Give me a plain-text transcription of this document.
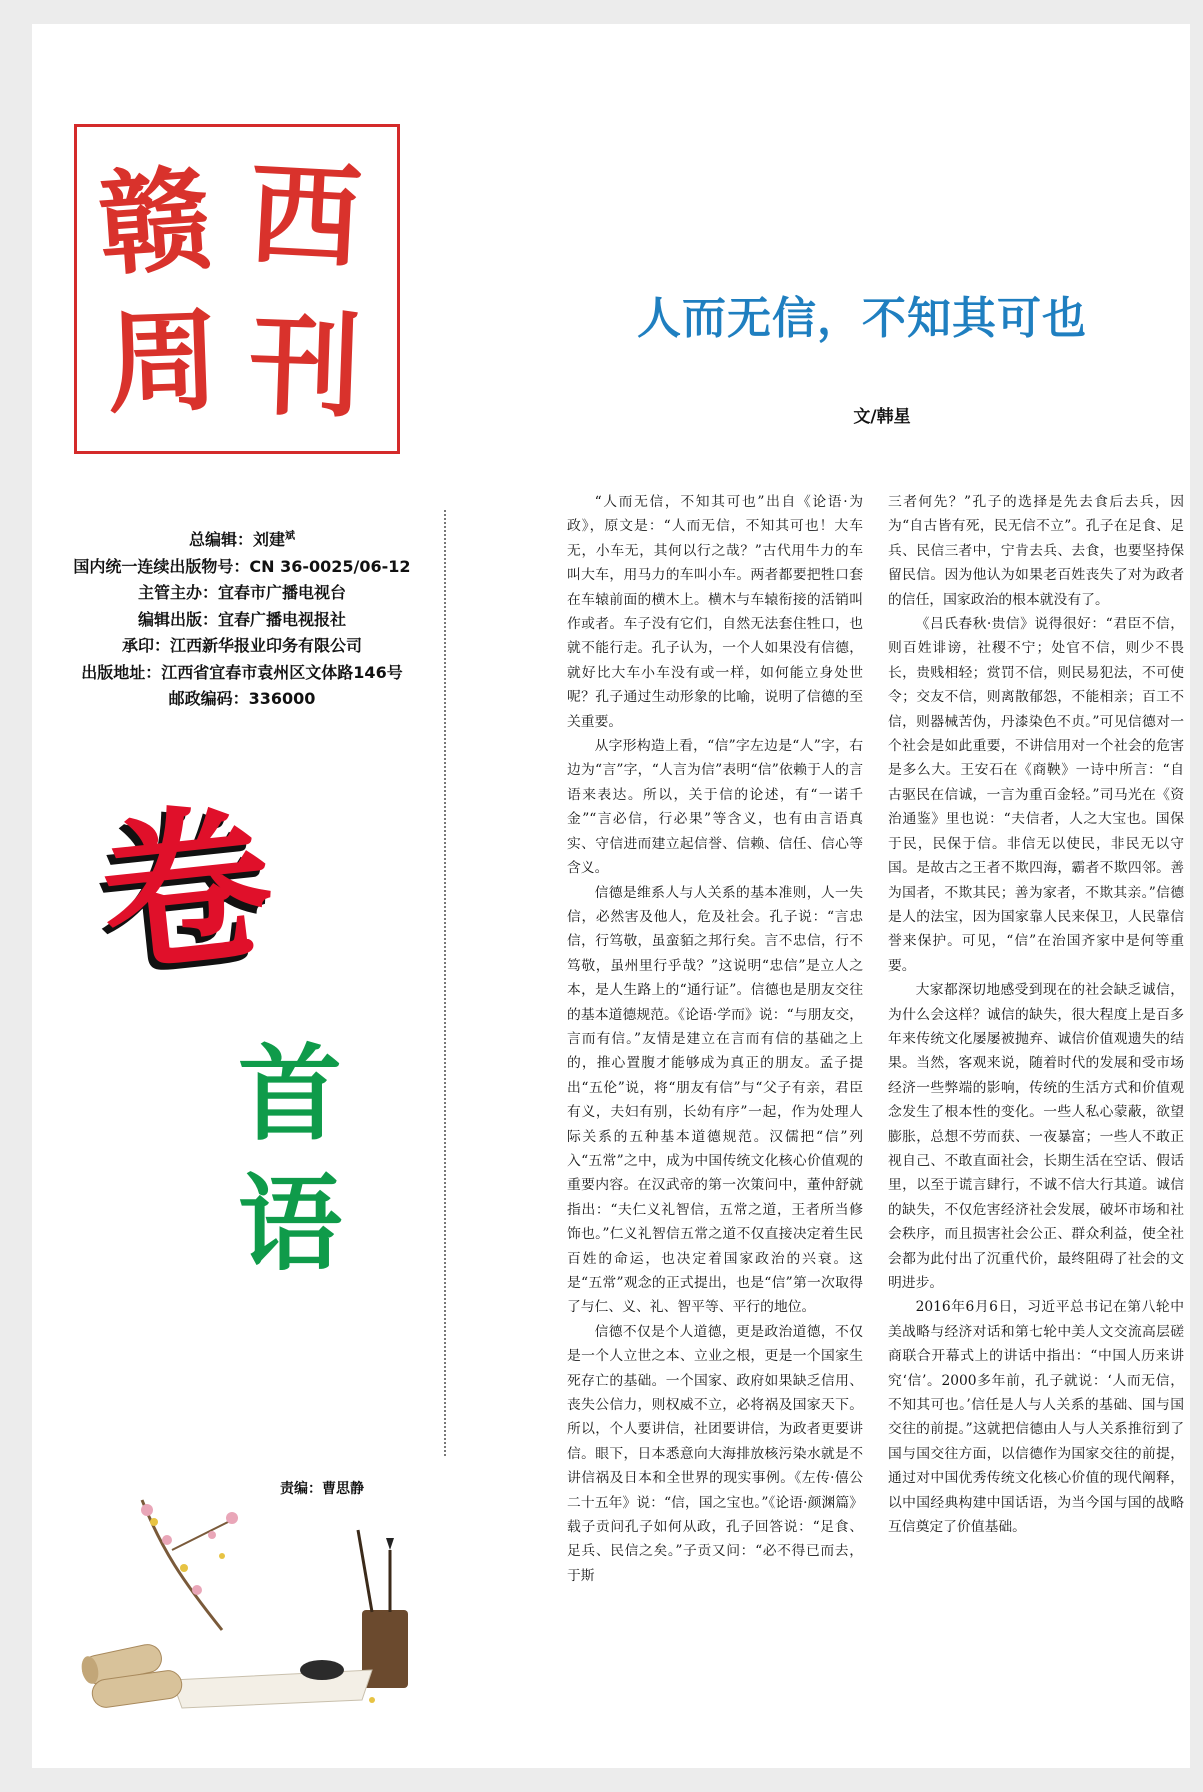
赣 西
周 刊
总编辑：刘建$^斌$
国内统一连续出版物号：CN 36-0025/06-12
主管主办：宜春市广播电视台
编辑出版：宜春广播电视报社
承印：江西新华报业印务有限公司
出版地址：江西省宜春市袁州区文体路146号
邮政编码：336000
卷
首
语
责编：曹思静
人而无信，不知其可也
文/韩星

“人而无信，不知其可也”出自《论语·为政》，原文是：“人而无信，不知其可也！大车无，小车无，其何以行之哉？”古代用牛力的车叫大车，用马力的车叫小车。两者都要把牲口套在车辕前面的横木上。横木与车辕衔接的活销叫作或者。车子没有它们，自然无法套住牲口，也就不能行走。孔子认为，一个人如果没有信德，就好比大车小车没有或一样，如何能立身处世呢？孔子通过生动形象的比喻，说明了信德的至关重要。

从字形构造上看，“信”字左边是“人”字，右边为“言”字，“人言为信”表明“信”依赖于人的言语来表达。所以，关于信的论述，有“一诺千金”“言必信，行必果”等含义，也有由言语真实、守信进而建立起信誉、信赖、信任、信心等含义。

信德是维系人与人关系的基本准则，人一失信，必然害及他人，危及社会。孔子说：“言忠信，行笃敬，虽蛮貊之邦行矣。言不忠信，行不笃敬，虽州里行乎哉？”这说明“忠信”是立人之本，是人生路上的“通行证”。信德也是朋友交往的基本道德规范。《论语·学而》说：“与朋友交，言而有信。”友情是建立在言而有信的基础之上的，推心置腹才能够成为真正的朋友。孟子提出“五伦”说，将“朋友有信”与“父子有亲，君臣有义，夫妇有别，长幼有序”一起，作为处理人际关系的五种基本道德规范。汉儒把“信”列入“五常”之中，成为中国传统文化核心价值观的重要内容。在汉武帝的第一次策问中，董仲舒就指出：“夫仁义礼智信，五常之道，王者所当修饰也。”仁义礼智信五常之道不仅直接决定着生民百姓的命运，也决定着国家政治的兴衰。这是“五常”观念的正式提出，也是“信”第一次取得了与仁、义、礼、智平等、平行的地位。

信德不仅是个人道德，更是政治道德，不仅是一个人立世之本、立业之根，更是一个国家生死存亡的基础。一个国家、政府如果缺乏信用、丧失公信力，则权威不立，必将祸及国家天下。所以，个人要讲信，社团要讲信，为政者更要讲信。眼下，日本悉意向大海排放核污染水就是不讲信祸及日本和全世界的现实事例。《左传·僖公二十五年》说：“信，国之宝也。”《论语·颜渊篇》载子贡问孔子如何从政，孔子回答说：“足食、足兵、民信之矣。”子贡又问：“必不得已而去，于斯

三者何先？”孔子的选择是先去食后去兵，因为“自古皆有死，民无信不立”。孔子在足食、足兵、民信三者中，宁肯去兵、去食，也要坚持保留民信。因为他认为如果老百姓丧失了对为政者的信任，国家政治的根本就没有了。

《吕氏春秋·贵信》说得很好：“君臣不信，则百姓诽谤，社稷不宁；处官不信，则少不畏长，贵贱相轻；赏罚不信，则民易犯法，不可使令；交友不信，则离散郁怨，不能相亲；百工不信，则器械苦伪，丹漆染色不贞。”可见信德对一个社会是如此重要，不讲信用对一个社会的危害是多么大。王安石在《商鞅》一诗中所言：“自古驱民在信诚，一言为重百金轻。”司马光在《资治通鉴》里也说：“夫信者，人之大宝也。国保于民，民保于信。非信无以使民，非民无以守国。是故古之王者不欺四海，霸者不欺四邻。善为国者，不欺其民；善为家者，不欺其亲。”信德是人的法宝，因为国家靠人民来保卫，人民靠信誉来保护。可见，“信”在治国齐家中是何等重要。

大家都深切地感受到现在的社会缺乏诚信，为什么会这样？诚信的缺失，很大程度上是百多年来传统文化屡屡被抛弃、诚信价值观遗失的结果。当然，客观来说，随着时代的发展和受市场经济一些弊端的影响，传统的生活方式和价值观念发生了根本性的变化。一些人私心蒙蔽，欲望膨胀，总想不劳而获、一夜暴富；一些人不敢正视自己、不敢直面社会，长期生活在空话、假话里，以至于谎言肆行，不诚不信大行其道。诚信的缺失，不仅危害经济社会发展，破坏市场和社会秩序，而且损害社会公正、群众利益，使全社会都为此付出了沉重代价，最终阻碍了社会的文明进步。

2016年6月6日，习近平总书记在第八轮中美战略与经济对话和第七轮中美人文交流高层磋商联合开幕式上的讲话中指出：“中国人历来讲究‘信’。2000多年前，孔子就说：‘人而无信，不知其可也。’信任是人与人关系的基础、国与国交往的前提。”这就把信德由人与人关系推衍到了国与国交往方面，以信德作为国家交往的前提，通过对中国优秀传统文化核心价值的现代阐释，以中国经典构建中国话语，为当今国与国的战略互信奠定了价值基础。
